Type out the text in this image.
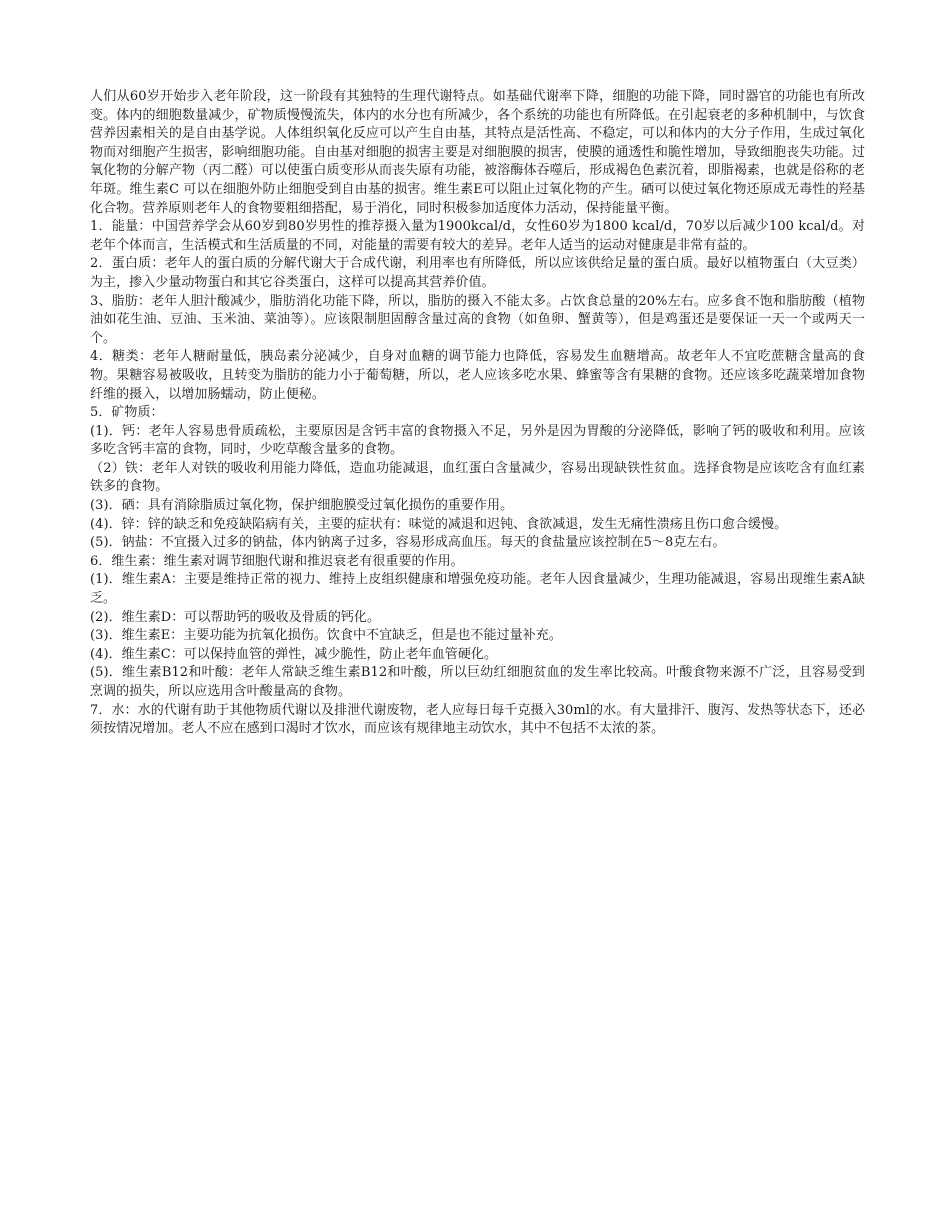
人们从60岁开始步入老年阶段，这一阶段有其独特的生理代谢特点。如基础代谢率下降，细胞的功能下降，同时器官的功能也有所改变。体内的细胞数量减少，矿物质慢慢流失，体内的水分也有所减少，各个系统的功能也有所降低。在引起衰老的多种机制中，与饮食营养因素相关的是自由基学说。人体组织氧化反应可以产生自由基，其特点是活性高、不稳定，可以和体内的大分子作用，生成过氧化物而对细胞产生损害，影响细胞功能。自由基对细胞的损害主要是对细胞膜的损害，使膜的通透性和脆性增加，导致细胞丧失功能。过氧化物的分解产物（丙二醛）可以使蛋白质变形从而丧失原有功能，被溶酶体吞噬后，形成褐色色素沉着，即脂褐素，也就是俗称的老年斑。维生素C 可以在细胞外防止细胞受到自由基的损害。维生素E可以阻止过氧化物的产生。硒可以使过氧化物还原成无毒性的羟基化合物。营养原则老年人的食物要粗细搭配，易于消化，同时积极参加适度体力活动，保持能量平衡。

1．能量：中国营养学会从60岁到80岁男性的推荐摄入量为1900kcal/d，女性60岁为1800 kcal/d，70岁以后减少100 kcal/d。对老年个体而言，生活模式和生活质量的不同，对能量的需要有较大的差异。老年人适当的运动对健康是非常有益的。

2．蛋白质：老年人的蛋白质的分解代谢大于合成代谢，利用率也有所降低，所以应该供给足量的蛋白质。最好以植物蛋白（大豆类）为主，掺入少量动物蛋白和其它谷类蛋白，这样可以提高其营养价值。

3、脂肪：老年人胆汁酸减少，脂肪消化功能下降，所以，脂肪的摄入不能太多。占饮食总量的20%左右。应多食不饱和脂肪酸（植物油如花生油、豆油、玉米油、菜油等）。应该限制胆固醇含量过高的食物（如鱼卵、蟹黄等），但是鸡蛋还是要保证一天一个或两天一个。

4．糖类：老年人糖耐量低，胰岛素分泌减少，自身对血糖的调节能力也降低，容易发生血糖增高。故老年人不宜吃蔗糖含量高的食物。果糖容易被吸收，且转变为脂肪的能力小于葡萄糖，所以，老人应该多吃水果、蜂蜜等含有果糖的食物。还应该多吃蔬菜增加食物纤维的摄入，以增加肠蠕动，防止便秘。

5．矿物质：

(1)．钙：老年人容易患骨质疏松，主要原因是含钙丰富的食物摄入不足，另外是因为胃酸的分泌降低，影响了钙的吸收和利用。应该多吃含钙丰富的食物，同时，少吃草酸含量多的食物。

（2）铁：老年人对铁的吸收利用能力降低，造血功能减退，血红蛋白含量减少，容易出现缺铁性贫血。选择食物是应该吃含有血红素铁多的食物。

(3)．硒：具有消除脂质过氧化物，保护细胞膜受过氧化损伤的重要作用。

(4)．锌：锌的缺乏和免疫缺陷病有关，主要的症状有：味觉的减退和迟钝、食欲减退，发生无痛性溃疡且伤口愈合缓慢。

(5)．钠盐：不宜摄入过多的钠盐，体内钠离子过多，容易形成高血压。每天的食盐量应该控制在5～8克左右。

6．维生素：维生素对调节细胞代谢和推迟衰老有很重要的作用。

(1)．维生素A：主要是维持正常的视力、维持上皮组织健康和增强免疫功能。老年人因食量减少，生理功能减退，容易出现维生素A缺乏。

(2)．维生素D：可以帮助钙的吸收及骨质的钙化。

(3)．维生素E：主要功能为抗氧化损伤。饮食中不宜缺乏，但是也不能过量补充。

(4)．维生素C：可以保持血管的弹性，减少脆性，防止老年血管硬化。

(5)．维生素B12和叶酸：老年人常缺乏维生素B12和叶酸，所以巨幼红细胞贫血的发生率比较高。叶酸食物来源不广泛，且容易受到烹调的损失，所以应选用含叶酸量高的食物。

7．水：水的代谢有助于其他物质代谢以及排泄代谢废物，老人应每日每千克摄入30ml的水。有大量排汗、腹泻、发热等状态下，还必须按情况增加。老人不应在感到口渴时才饮水，而应该有规律地主动饮水，其中不包括不太浓的茶。
